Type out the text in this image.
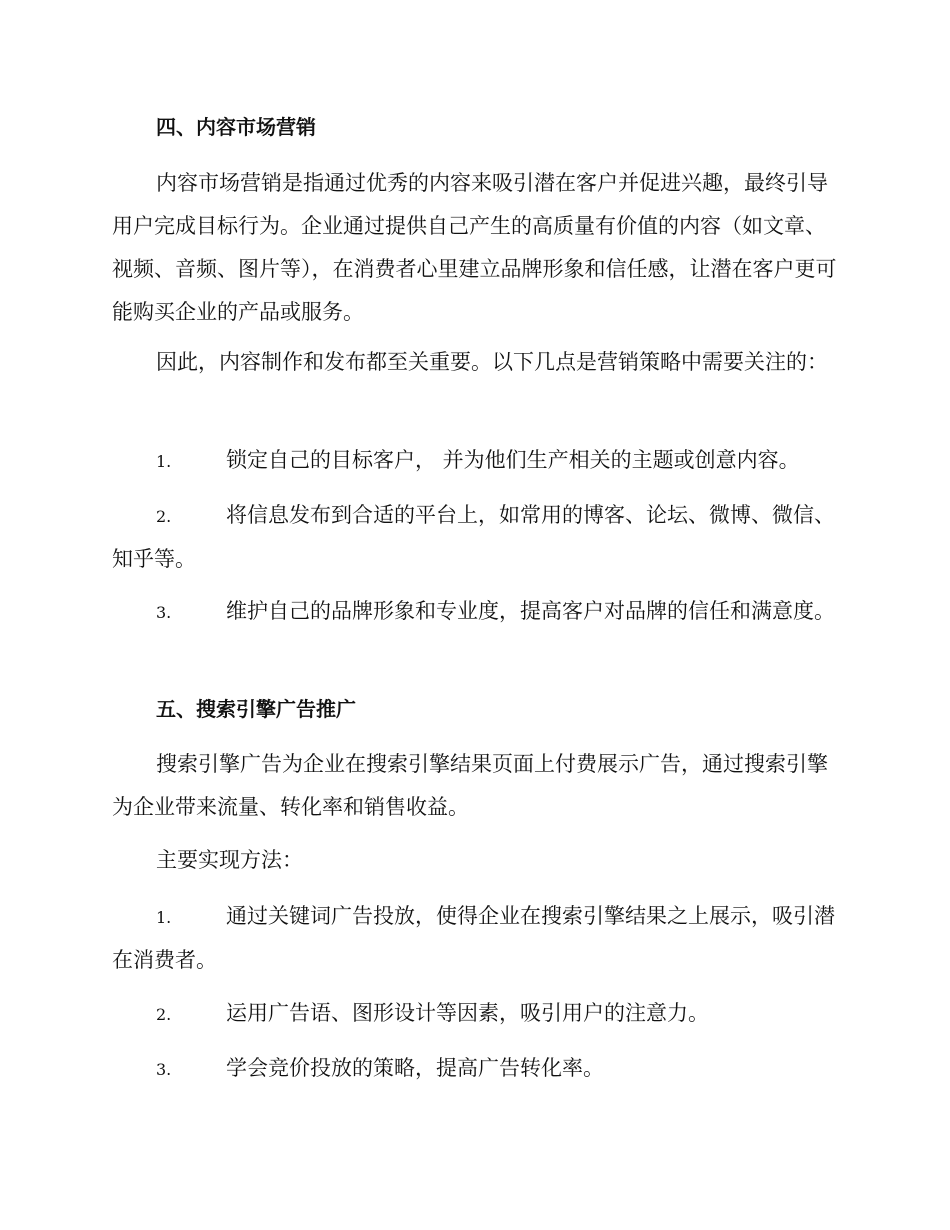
四、内容市场营销

内容市场营销是指通过优秀的内容来吸引潜在客户并促进兴趣，最终引导用户完成目标行为。企业通过提供自己产生的高质量有价值的内容（如文章、视频、音频、图片等），在消费者心里建立品牌形象和信任感，让潜在客户更可能购买企业的产品或服务。

因此，内容制作和发布都至关重要。以下几点是营销策略中需要关注的：

1.	锁定自己的目标客户， 并为他们生产相关的主题或创意内容。

2.	将信息发布到合适的平台上，如常用的博客、论坛、微博、微信、知乎等。

3.	维护自己的品牌形象和专业度，提高客户对品牌的信任和满意度。

五、搜索引擎广告推广

搜索引擎广告为企业在搜索引擎结果页面上付费展示广告，通过搜索引擎为企业带来流量、转化率和销售收益。

主要实现方法：

1.	通过关键词广告投放，使得企业在搜索引擎结果之上展示，吸引潜在消费者。

2.	运用广告语、图形设计等因素，吸引用户的注意力。

3.	学会竞价投放的策略，提高广告转化率。
